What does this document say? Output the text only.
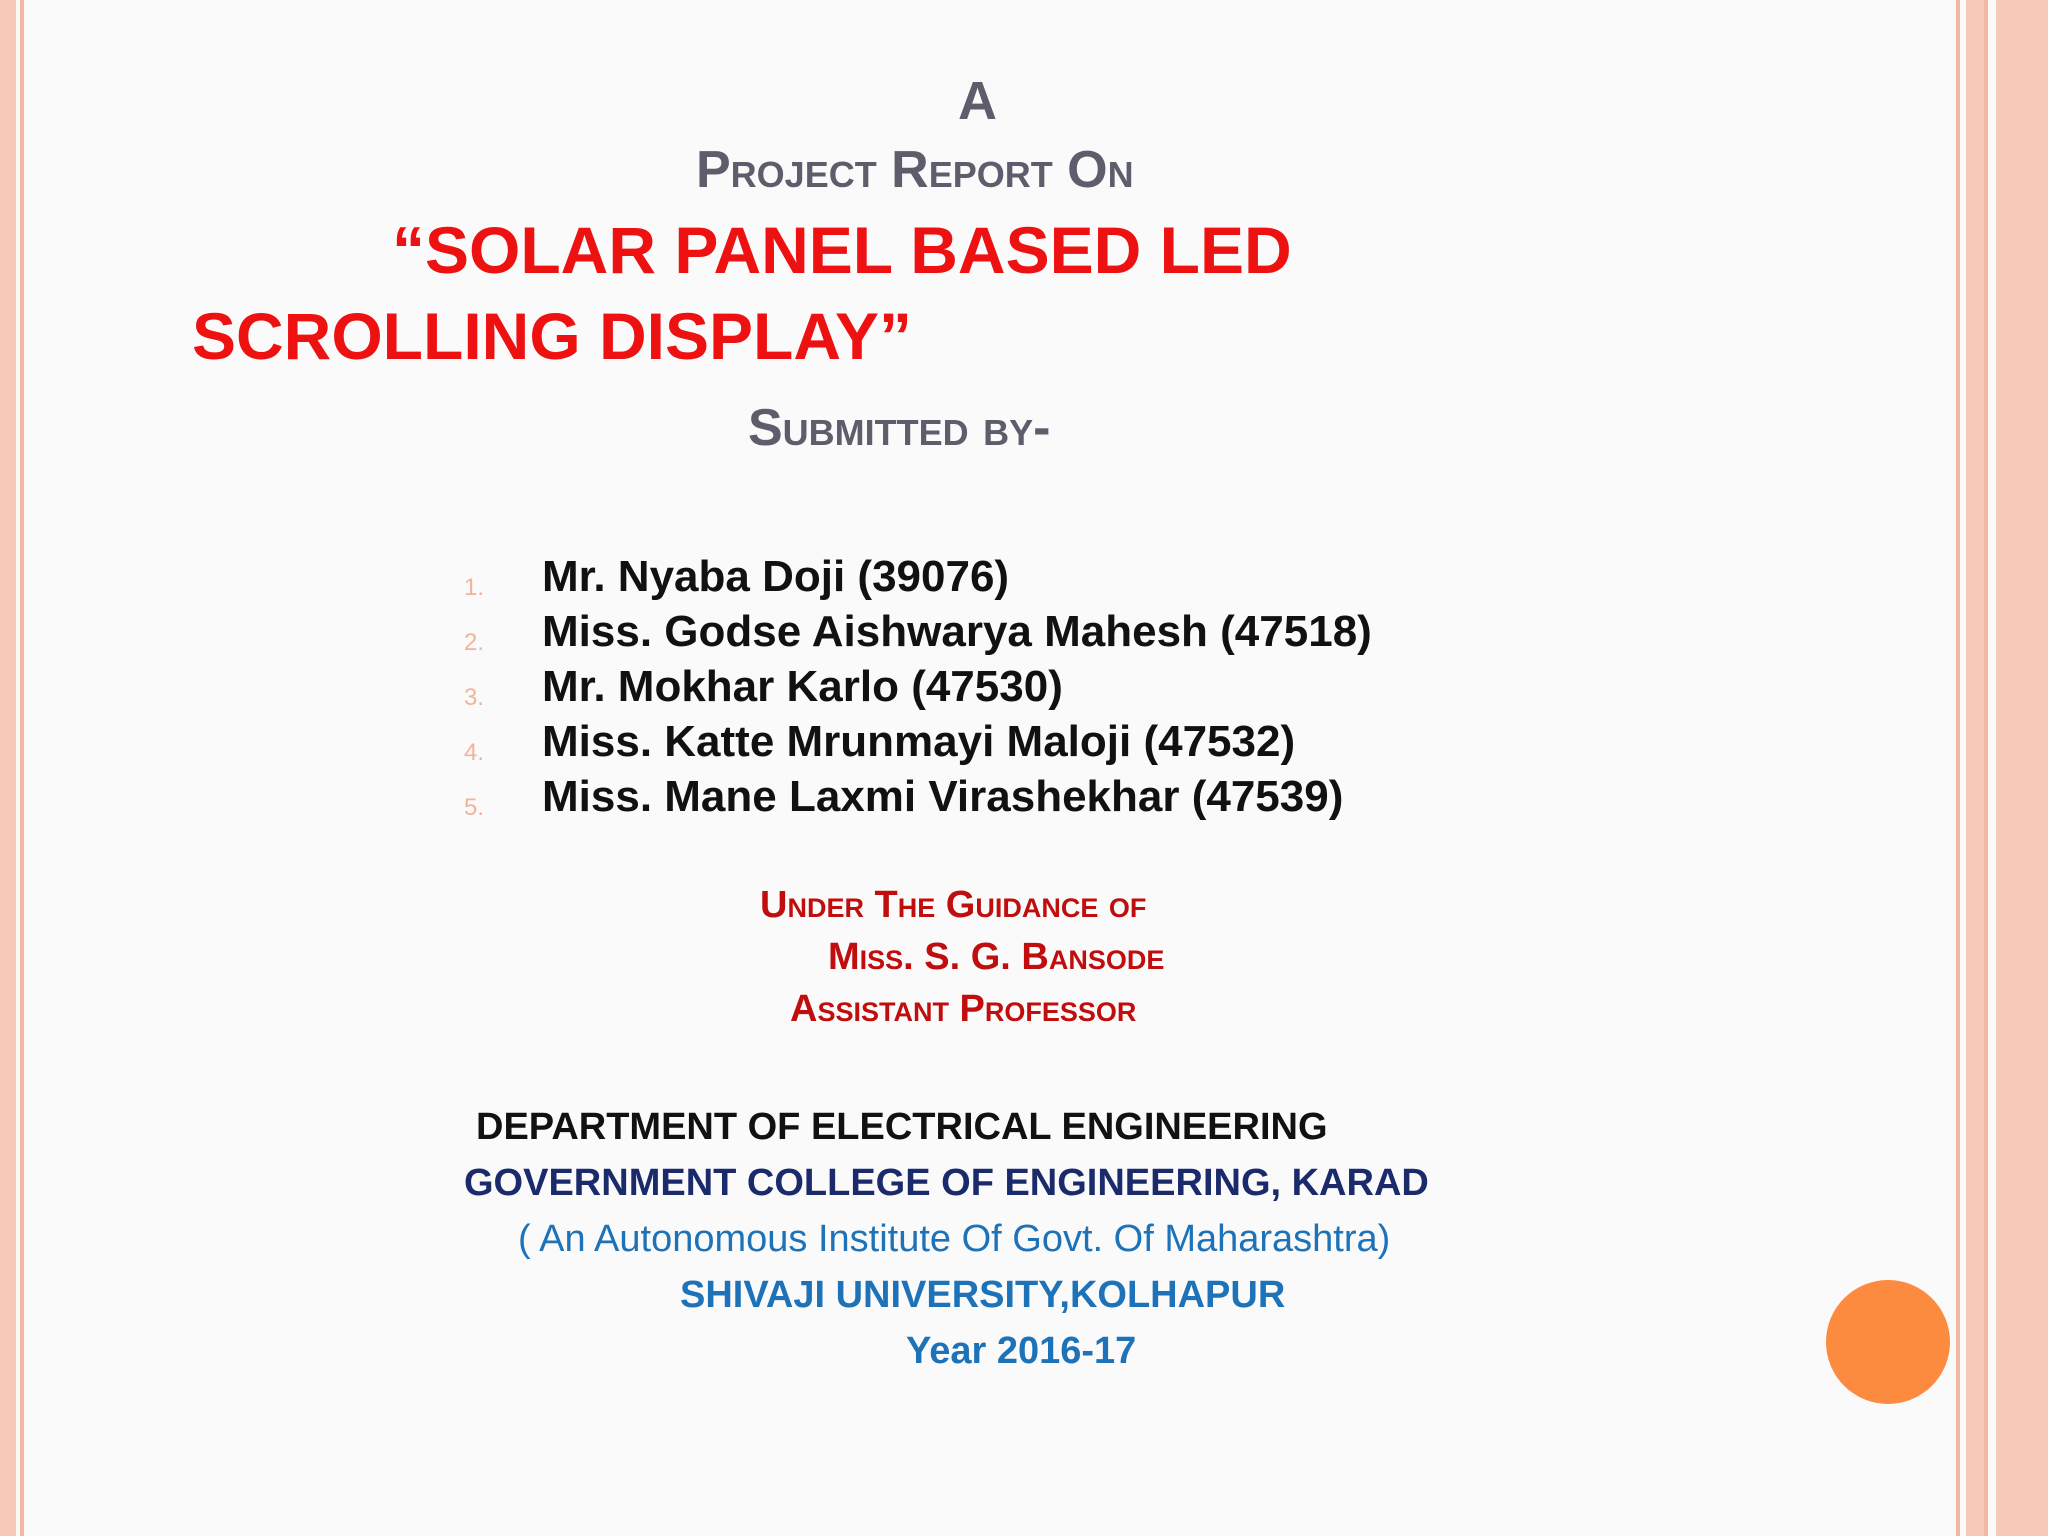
A
Project Report On
“SOLAR PANEL BASED LED
SCROLLING DISPLAY”
Submitted by-
1. Mr. Nyaba Doji (39076)
2. Miss. Godse Aishwarya Mahesh (47518)
3. Mr. Mokhar Karlo (47530)
4. Miss. Katte Mrunmayi Maloji (47532)
5. Miss. Mane Laxmi Virashekhar (47539)
Under The Guidance of
Miss. S. G. Bansode
Assistant Professor
DEPARTMENT OF ELECTRICAL ENGINEERING
GOVERNMENT COLLEGE OF ENGINEERING, KARAD
( An Autonomous Institute Of Govt. Of Maharashtra)
SHIVAJI UNIVERSITY,KOLHAPUR
Year 2016-17
